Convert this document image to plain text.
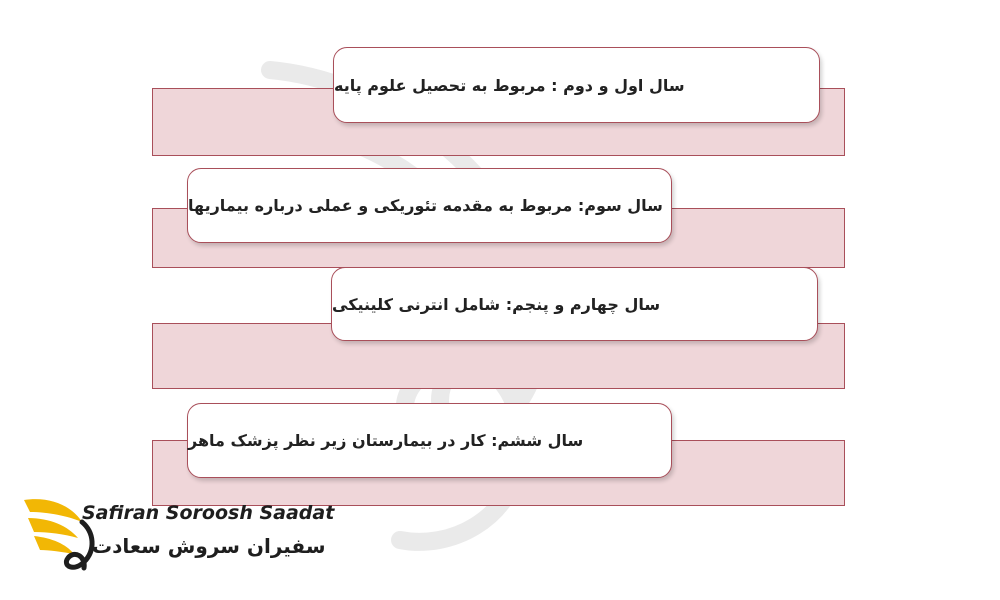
سال اول و دوم : مربوط به تحصیل علوم پایه
سال سوم: مربوط به مقدمه تئوریکی و عملی درباره بیماریها
سال چهارم و پنجم: شامل انترنی کلینیکی
سال ششم: کار در بیمارستان زیر نظر پزشک ماهر
Safiran Soroosh Saadat
سفیران سروش سعادت
